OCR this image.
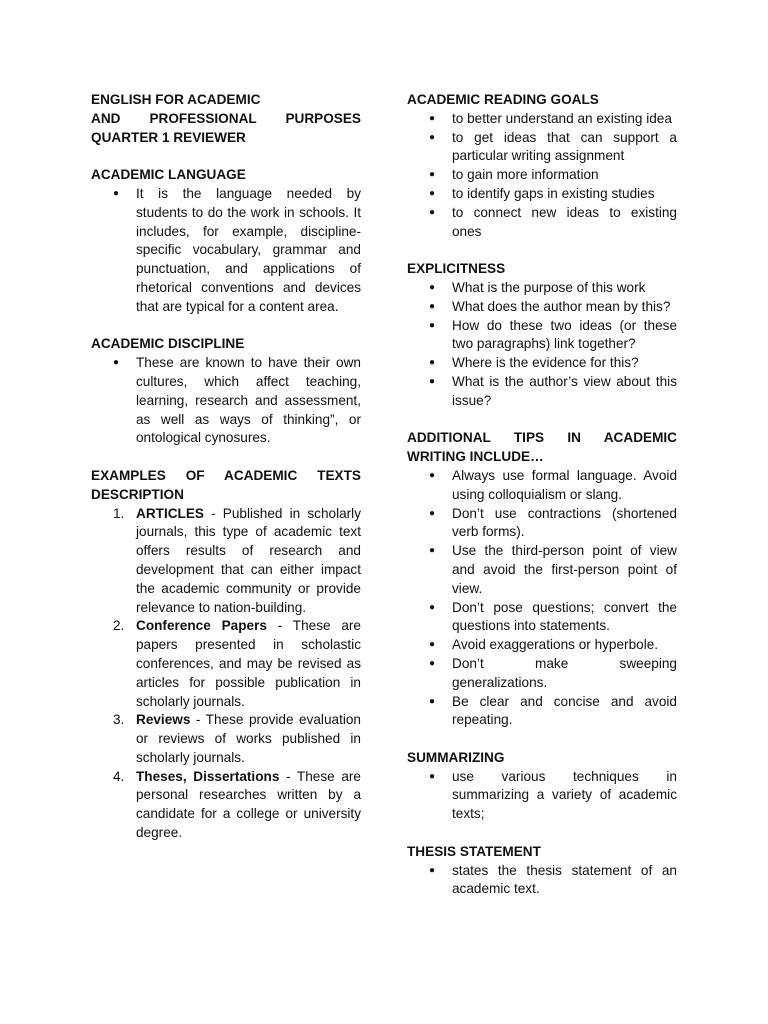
ENGLISH FOR ACADEMIC

AND PROFESSIONAL PURPOSES

QUARTER 1 REVIEWER

ACADEMIC LANGUAGE

●	It is the language needed by students to do the work in schools. It includes, for example, discipline-specific vocabulary, grammar and punctuation, and applications of rhetorical conventions and devices that are typical for a content area.

ACADEMIC DISCIPLINE

●	These are known to have their own cultures, which affect teaching, learning, research and assessment, as well as ways of thinking”, or ontological cynosures.

EXAMPLES OF ACADEMIC TEXTS

DESCRIPTION

1. ARTICLES - Published in scholarly journals, this type of academic text offers results of research and development that can either impact the academic community or provide relevance to nation-building.
2. Conference Papers - These are papers presented in scholastic conferences, and may be revised as articles for possible publication in scholarly journals.
3. Reviews - These provide evaluation or reviews of works published in scholarly journals.
4. Theses, Dissertations - These are personal researches written by a candidate for a college or university degree.

ACADEMIC READING GOALS

●	to better understand an existing idea
●	to get ideas that can support a particular writing assignment
●	to gain more information
●	to identify gaps in existing studies
●	to connect new ideas to existing ones

EXPLICITNESS

●	What is the purpose of this work
●	What does the author mean by this?
●	How do these two ideas (or these two paragraphs) link together?
●	Where is the evidence for this?
●	What is the author’s view about this issue?

ADDITIONAL TIPS IN ACADEMIC

WRITING INCLUDE…

●	Always use formal language. Avoid using colloquialism or slang.
●	Don’t use contractions (shortened verb forms).
●	Use the third-person point of view and avoid the first-person point of view.
●	Don’t pose questions; convert the questions into statements.
●	Avoid exaggerations or hyperbole.
●	Don’t make sweeping generalizations.
●	Be clear and concise and avoid repeating.

SUMMARIZING

●	use various techniques in summarizing a variety of academic texts;

THESIS STATEMENT

●	states the thesis statement of an academic text.
